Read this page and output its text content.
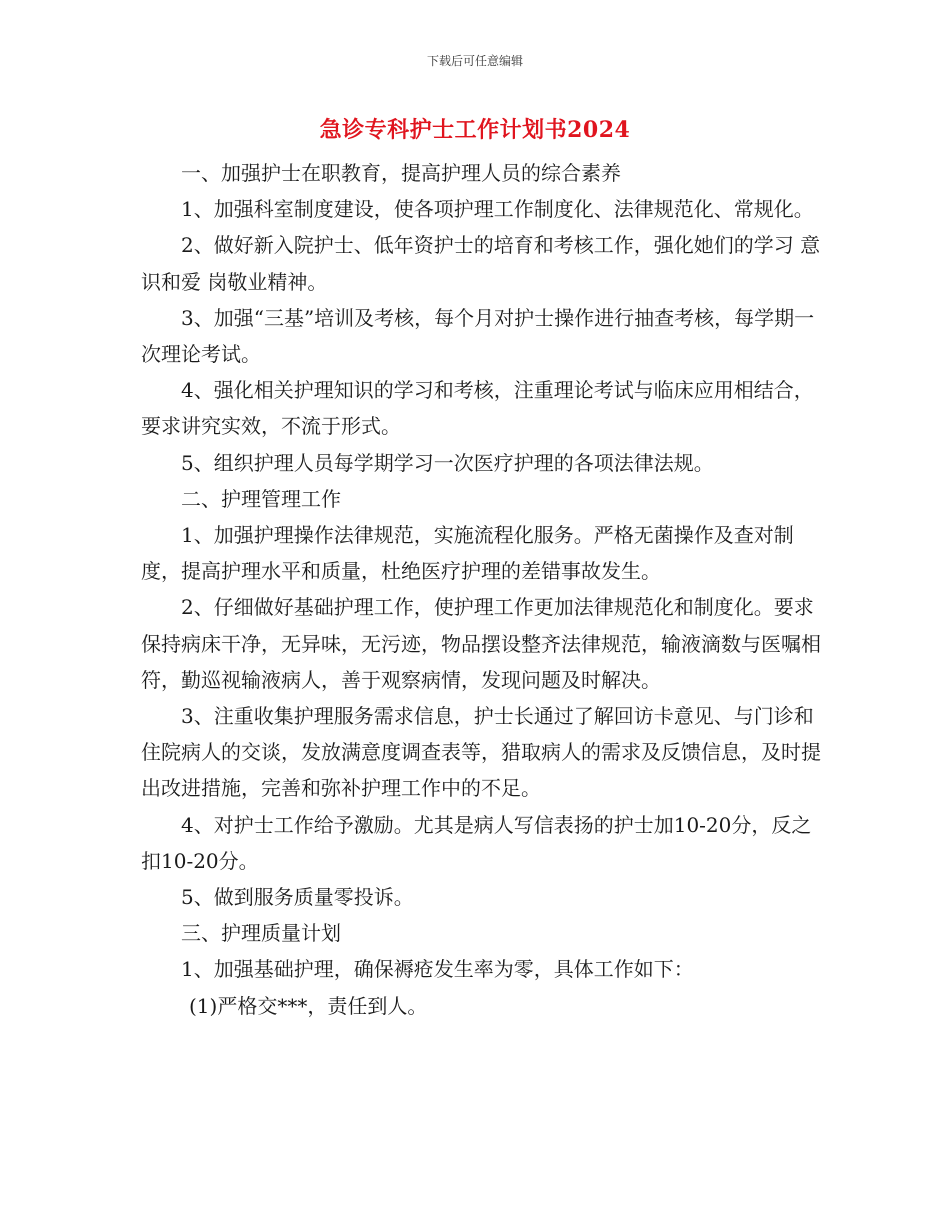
下载后可任意编辑
急诊专科护士工作计划书2024

一、加强护士在职教育，提高护理人员的综合素养

1、加强科室制度建设，使各项护理工作制度化、法律规范化、常规化。

2、做好新入院护士、低年资护士的培育和考核工作，强化她们的学习 意识和爱 岗敬业精神。

3、加强“三基”培训及考核，每个月对护士操作进行抽查考核，每学期一次理论考试。

4、强化相关护理知识的学习和考核，注重理论考试与临床应用相结合，要求讲究实效，不流于形式。

5、组织护理人员每学期学习一次医疗护理的各项法律法规。

二、护理管理工作

1、加强护理操作法律规范，实施流程化服务。严格无菌操作及查对制度，提高护理水平和质量，杜绝医疗护理的差错事故发生。

2、仔细做好基础护理工作，使护理工作更加法律规范化和制度化。要求保持病床干净，无异味，无污迹，物品摆设整齐法律规范，输液滴数与医嘱相符，勤巡视输液病人，善于观察病情，发现问题及时解决。

3、注重收集护理服务需求信息，护士长通过了解回访卡意见、与门诊和住院病人的交谈，发放满意度调查表等，猎取病人的需求及反馈信息，及时提出改进措施，完善和弥补护理工作中的不足。

4、对护士工作给予激励。尤其是病人写信表扬的护士加10-20分，反之扣10-20分。

5、做到服务质量零投诉。

三、护理质量计划

1、加强基础护理，确保褥疮发生率为零，具体工作如下：

(1)严格交***，责任到人。
